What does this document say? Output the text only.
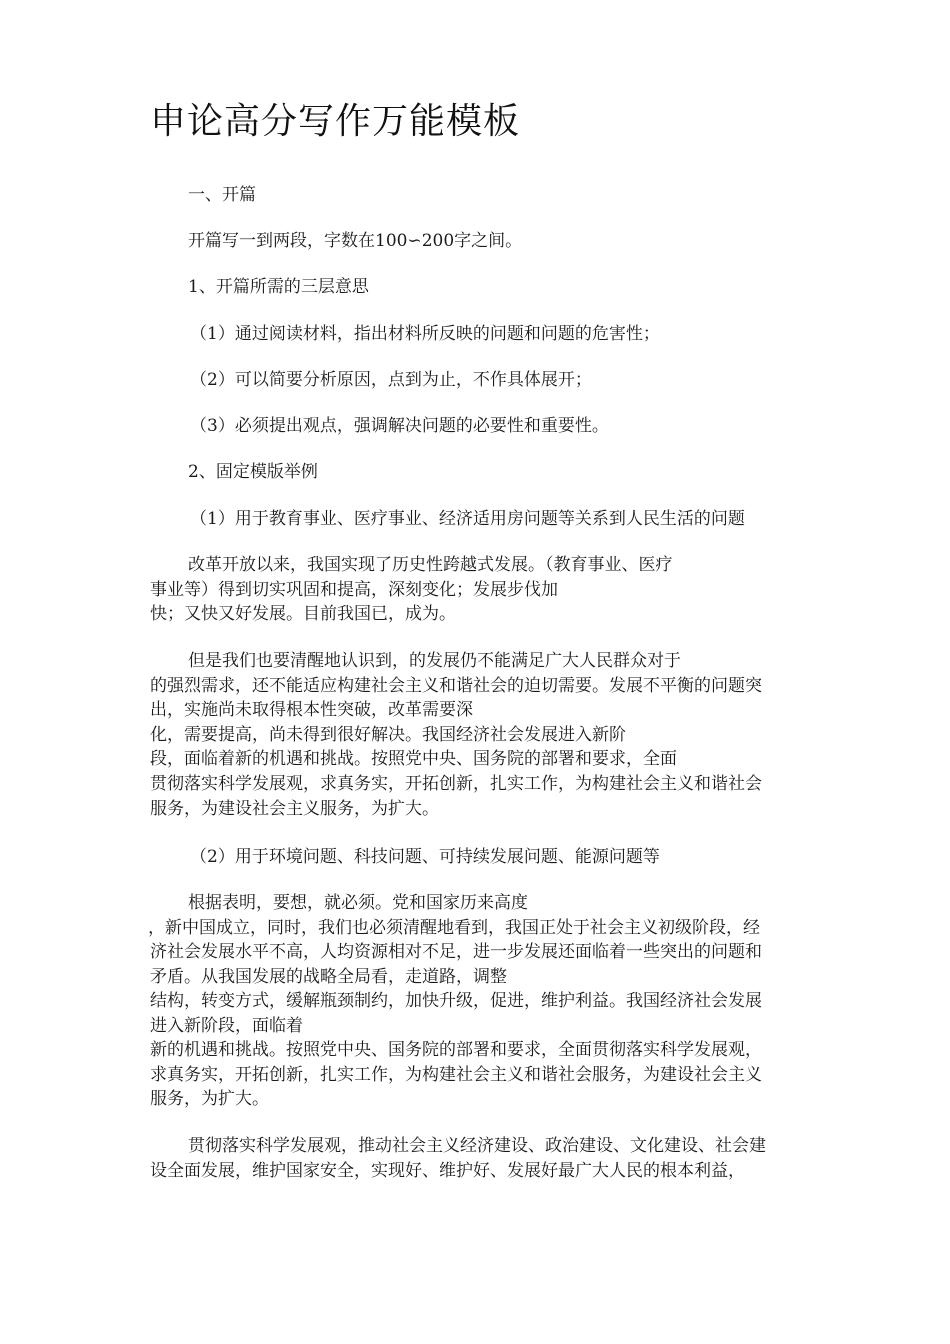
申论高分写作万能模板

一、开篇

开篇写一到两段，字数在100∽200字之间。

1、开篇所需的三层意思

（1）通过阅读材料，指出材料所反映的问题和问题的危害性；

（2）可以简要分析原因，点到为止，不作具体展开；

（3）必须提出观点，强调解决问题的必要性和重要性。

2、固定模版举例

（1）用于教育事业、医疗事业、经济适用房问题等关系到人民生活的问题

改革开放以来，我国实现了历史性跨越式发展。（教育事业、医疗

事业等）得到切实巩固和提高，深刻变化；发展步伐加

快；又快又好发展。目前我国已，成为。

但是我们也要清醒地认识到，的发展仍不能满足广大人民群众对于

的强烈需求，还不能适应构建社会主义和谐社会的迫切需要。发展不平衡的问题突

出，实施尚未取得根本性突破，改革需要深

化，需要提高，尚未得到很好解决。我国经济社会发展进入新阶

段，面临着新的机遇和挑战。按照党中央、国务院的部署和要求，全面

贯彻落实科学发展观，求真务实，开拓创新，扎实工作，为构建社会主义和谐社会

服务，为建设社会主义服务，为扩大。

（2）用于环境问题、科技问题、可持续发展问题、能源问题等

根据表明，要想，就必须。党和国家历来高度

，新中国成立，同时，我们也必须清醒地看到，我国正处于社会主义初级阶段，经

济社会发展水平不高，人均资源相对不足，进一步发展还面临着一些突出的问题和

矛盾。从我国发展的战略全局看，走道路，调整

结构，转变方式，缓解瓶颈制约，加快升级，促进，维护利益。我国经济社会发展

进入新阶段，面临着

新的机遇和挑战。按照党中央、国务院的部署和要求，全面贯彻落实科学发展观，

求真务实，开拓创新，扎实工作，为构建社会主义和谐社会服务，为建设社会主义

服务，为扩大。

贯彻落实科学发展观，推动社会主义经济建设、政治建设、文化建设、社会建

设全面发展，维护国家安全，实现好、维护好、发展好最广大人民的根本利益，
